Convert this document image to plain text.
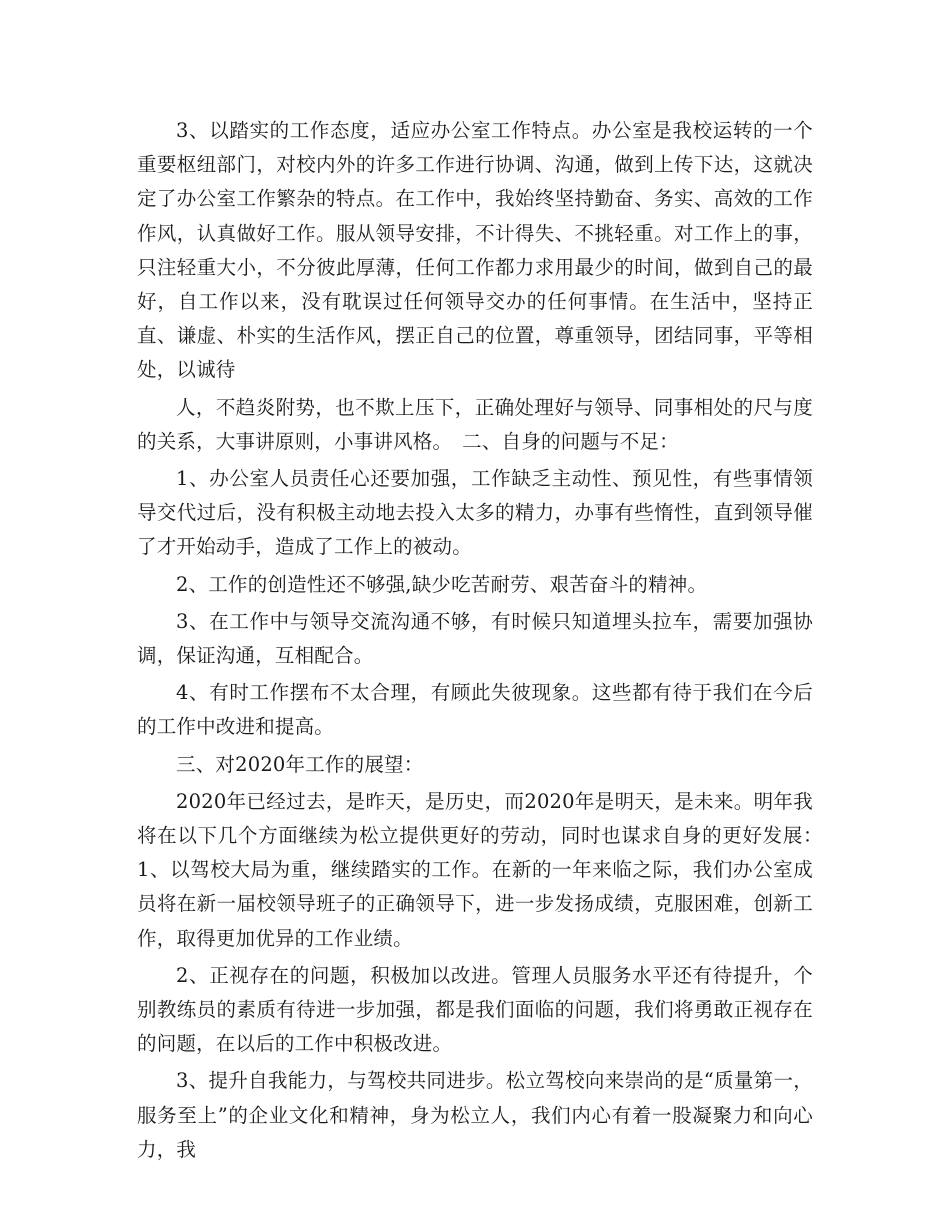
3、以踏实的工作态度，适应办公室工作特点。办公室是我校运转的一个重要枢纽部门，对校内外的许多工作进行协调、沟通，做到上传下达，这就决定了办公室工作繁杂的特点。在工作中，我始终坚持勤奋、务实、高效的工作作风，认真做好工作。服从领导安排，不计得失、不挑轻重。对工作上的事，只注轻重大小，不分彼此厚薄，任何工作都力求用最少的时间，做到自己的最好，自工作以来，没有耽误过任何领导交办的任何事情。在生活中，坚持正直、谦虚、朴实的生活作风，摆正自己的位置，尊重领导，团结同事，平等相处，以诚待

人，不趋炎附势，也不欺上压下，正确处理好与领导、同事相处的尺与度的关系，大事讲原则，小事讲风格。　二、自身的问题与不足：

1、办公室人员责任心还要加强，工作缺乏主动性、预见性，有些事情领导交代过后，没有积极主动地去投入太多的精力，办事有些惰性，直到领导催了才开始动手，造成了工作上的被动。

2、工作的创造性还不够强,缺少吃苦耐劳、艰苦奋斗的精神。

3、在工作中与领导交流沟通不够，有时候只知道埋头拉车，需要加强协调，保证沟通，互相配合。

4、有时工作摆布不太合理，有顾此失彼现象。这些都有待于我们在今后的工作中改进和提高。

三、对2020年工作的展望：

2020年已经过去，是昨天，是历史，而2020年是明天，是未来。明年我将在以下几个方面继续为松立提供更好的劳动，同时也谋求自身的更好发展：　1、以驾校大局为重，继续踏实的工作。在新的一年来临之际，我们办公室成员将在新一届校领导班子的正确领导下，进一步发扬成绩，克服困难，创新工作，取得更加优异的工作业绩。

2、正视存在的问题，积极加以改进。管理人员服务水平还有待提升，个别教练员的素质有待进一步加强，都是我们面临的问题，我们将勇敢正视存在的问题，在以后的工作中积极改进。

3、提升自我能力，与驾校共同进步。松立驾校向来崇尚的是“质量第一，服务至上”的企业文化和精神，身为松立人，我们内心有着一股凝聚力和向心力，我
